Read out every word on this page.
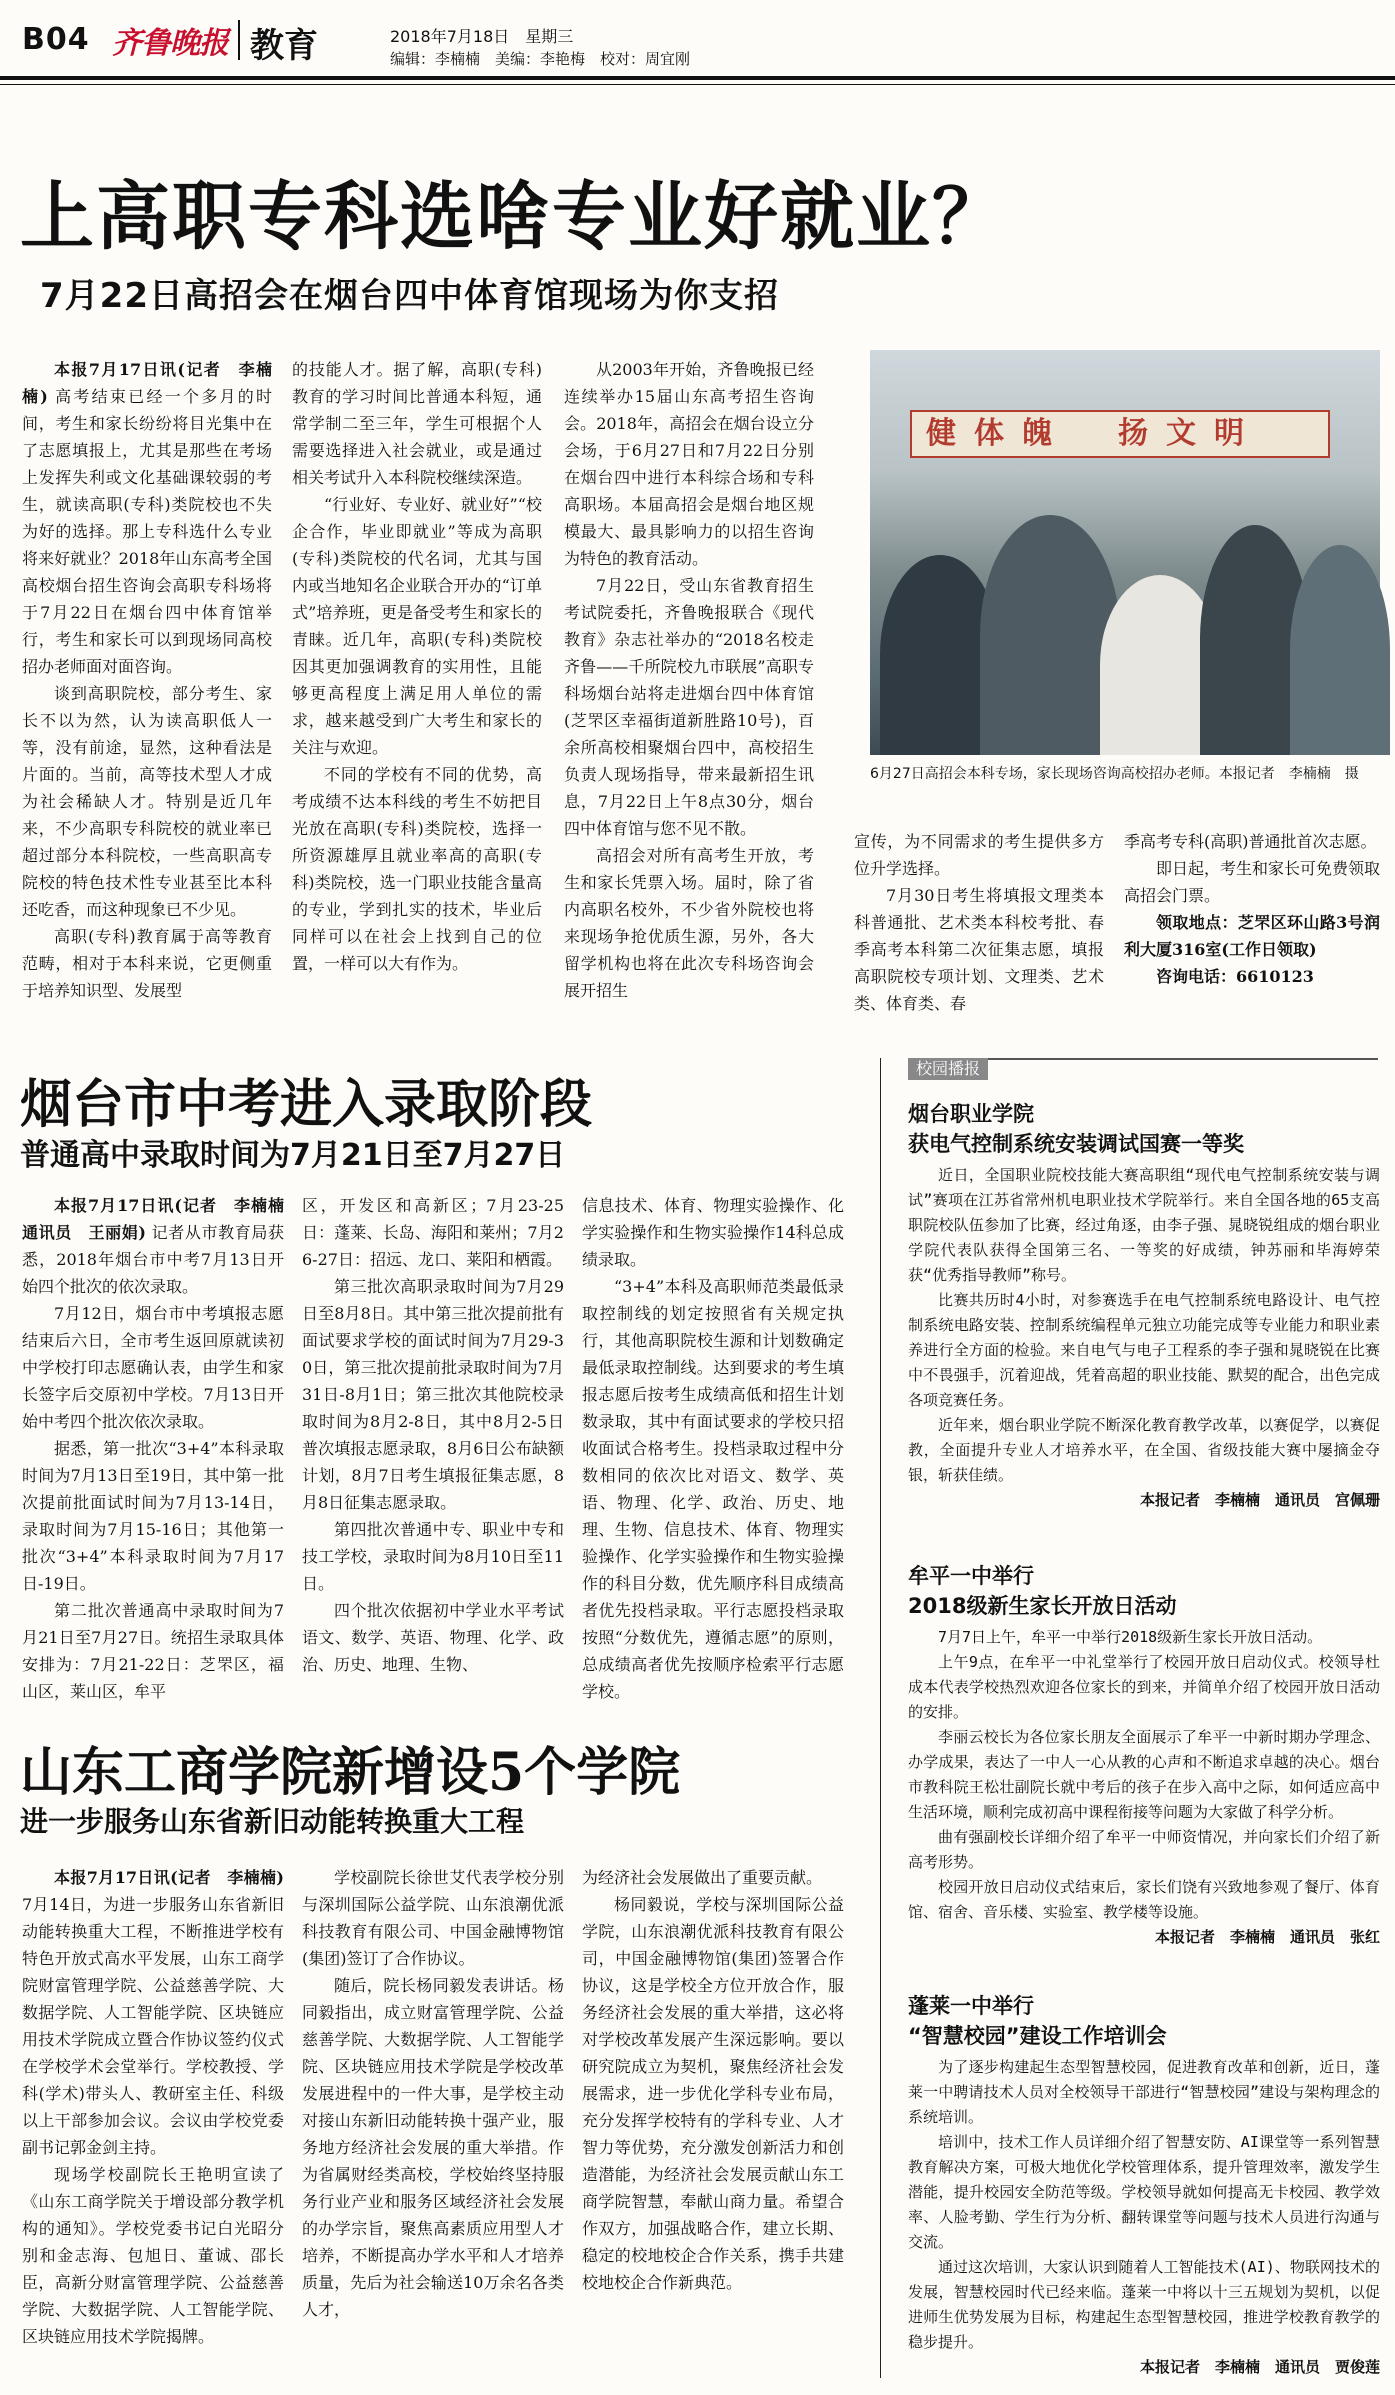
B04 齐鲁晚报 教育	2018年7月18日　星期三
编辑：李楠楠　美编：李艳梅　校对：周宜刚
上高职专科选啥专业好就业？
7月22日高招会在烟台四中体育馆现场为你支招

本报7月17日讯(记者　李楠楠) 高考结束已经一个多月的时间，考生和家长纷纷将目光集中在了志愿填报上，尤其是那些在考场上发挥失利或文化基础课较弱的考生，就读高职(专科)类院校也不失为好的选择。那上专科选什么专业将来好就业？2018年山东高考全国高校烟台招生咨询会高职专科场将于7月22日在烟台四中体育馆举行，考生和家长可以到现场同高校招办老师面对面咨询。

谈到高职院校，部分考生、家长不以为然，认为读高职低人一等，没有前途，显然，这种看法是片面的。当前，高等技术型人才成为社会稀缺人才。特别是近几年来，不少高职专科院校的就业率已超过部分本科院校，一些高职高专院校的特色技术性专业甚至比本科还吃香，而这种现象已不少见。

高职(专科)教育属于高等教育范畴，相对于本科来说，它更侧重于培养知识型、发展型

的技能人才。据了解，高职(专科)教育的学习时间比普通本科短，通常学制二至三年，学生可根据个人需要选择进入社会就业，或是通过相关考试升入本科院校继续深造。

“行业好、专业好、就业好”“校企合作，毕业即就业”等成为高职(专科)类院校的代名词，尤其与国内或当地知名企业联合开办的“订单式”培养班，更是备受考生和家长的青睐。近几年，高职(专科)类院校因其更加强调教育的实用性，且能够更高程度上满足用人单位的需求，越来越受到广大考生和家长的关注与欢迎。

不同的学校有不同的优势，高考成绩不达本科线的考生不妨把目光放在高职(专科)类院校，选择一所资源雄厚且就业率高的高职(专科)类院校，选一门职业技能含量高的专业，学到扎实的技术，毕业后同样可以在社会上找到自己的位置，一样可以大有作为。

从2003年开始，齐鲁晚报已经连续举办15届山东高考招生咨询会。2018年，高招会在烟台设立分会场，于6月27日和7月22日分别在烟台四中进行本科综合场和专科高职场。本届高招会是烟台地区规模最大、最具影响力的以招生咨询为特色的教育活动。

7月22日，受山东省教育招生考试院委托，齐鲁晚报联合《现代教育》杂志社举办的“2018名校走齐鲁——千所院校九市联展”高职专科场烟台站将走进烟台四中体育馆(芝罘区幸福街道新胜路10号)，百余所高校相聚烟台四中，高校招生负责人现场指导，带来最新招生讯息，7月22日上午8点30分，烟台四中体育馆与您不见不散。

高招会对所有高考生开放，考生和家长凭票入场。届时，除了省内高职名校外，不少省外院校也将来现场争抢优质生源，另外，各大留学机构也将在此次专科场咨询会展开招生

健体魄　扬文明
6月27日高招会本科专场，家长现场咨询高校招办老师。本报记者　李楠楠　摄

宣传，为不同需求的考生提供多方位升学选择。

7月30日考生将填报文理类本科普通批、艺术类本科校考批、春季高考本科第二次征集志愿，填报高职院校专项计划、文理类、艺术类、体育类、春

季高考专科(高职)普通批首次志愿。

即日起，考生和家长可免费领取高招会门票。

领取地点：芝罘区环山路3号润利大厦316室(工作日领取)

咨询电话：6610123

烟台市中考进入录取阶段
普通高中录取时间为7月21日至7月27日

本报7月17日讯(记者　李楠楠　通讯员　王丽娟) 记者从市教育局获悉，2018年烟台市中考7月13日开始四个批次的依次录取。

7月12日，烟台市中考填报志愿结束后六日，全市考生返回原就读初中学校打印志愿确认表，由学生和家长签字后交原初中学校。7月13日开始中考四个批次依次录取。

据悉，第一批次“3+4”本科录取时间为7月13日至19日，其中第一批次提前批面试时间为7月13-14日，录取时间为7月15-16日；其他第一批次“3+4”本科录取时间为7月17日-19日。

第二批次普通高中录取时间为7月21日至7月27日。统招生录取具体安排为：7月21-22日：芝罘区，福山区，莱山区，牟平

区，开发区和高新区；7月23-25日：蓬莱、长岛、海阳和莱州；7月26-27日：招远、龙口、莱阳和栖霞。

第三批次高职录取时间为7月29日至8月8日。其中第三批次提前批有面试要求学校的面试时间为7月29-30日，第三批次提前批录取时间为7月31日-8月1日；第三批次其他院校录取时间为8月2-8日，其中8月2-5日普次填报志愿录取，8月6日公布缺额计划，8月7日考生填报征集志愿，8月8日征集志愿录取。

第四批次普通中专、职业中专和技工学校，录取时间为8月10日至11日。

四个批次依据初中学业水平考试语文、数学、英语、物理、化学、政治、历史、地理、生物、

信息技术、体育、物理实验操作、化学实验操作和生物实验操作14科总成绩录取。

“3+4”本科及高职师范类最低录取控制线的划定按照省有关规定执行，其他高职院校生源和计划数确定最低录取控制线。达到要求的考生填报志愿后按考生成绩高低和招生计划数录取，其中有面试要求的学校只招收面试合格考生。投档录取过程中分数相同的依次比对语文、数学、英语、物理、化学、政治、历史、地理、生物、信息技术、体育、物理实验操作、化学实验操作和生物实验操作的科目分数，优先顺序科目成绩高者优先投档录取。平行志愿投档录取按照“分数优先，遵循志愿”的原则，总成绩高者优先按顺序检索平行志愿学校。

山东工商学院新增设5个学院
进一步服务山东省新旧动能转换重大工程

本报7月17日讯(记者　李楠楠) 7月14日，为进一步服务山东省新旧动能转换重大工程，不断推进学校有特色开放式高水平发展，山东工商学院财富管理学院、公益慈善学院、大数据学院、人工智能学院、区块链应用技术学院成立暨合作协议签约仪式在学校学术会堂举行。学校教授、学科(学术)带头人、教研室主任、科级以上干部参加会议。会议由学校党委副书记郭金剑主持。

现场学校副院长王艳明宣读了《山东工商学院关于增设部分教学机构的通知》。学校党委书记白光昭分别和金志海、包旭日、董诚、邵长臣，高新分财富管理学院、公益慈善学院、大数据学院、人工智能学院、区块链应用技术学院揭牌。

学校副院长徐世艾代表学校分别与深圳国际公益学院、山东浪潮优派科技教育有限公司、中国金融博物馆(集团)签订了合作协议。

随后，院长杨同毅发表讲话。杨同毅指出，成立财富管理学院、公益慈善学院、大数据学院、人工智能学院、区块链应用技术学院是学校改革发展进程中的一件大事，是学校主动对接山东新旧动能转换十强产业，服务地方经济社会发展的重大举措。作为省属财经类高校，学校始终坚持服务行业产业和服务区域经济社会发展的办学宗旨，聚焦高素质应用型人才培养，不断提高办学水平和人才培养质量，先后为社会输送10万余名各类人才，

为经济社会发展做出了重要贡献。

杨同毅说，学校与深圳国际公益学院，山东浪潮优派科技教育有限公司，中国金融博物馆(集团)签署合作协议，这是学校全方位开放合作，服务经济社会发展的重大举措，这必将对学校改革发展产生深远影响。要以研究院成立为契机，聚焦经济社会发展需求，进一步优化学科专业布局，充分发挥学校特有的学科专业、人才智力等优势，充分激发创新活力和创造潜能，为经济社会发展贡献山东工商学院智慧，奉献山商力量。希望合作双方，加强战略合作，建立长期、稳定的校地校企合作关系，携手共建校地校企合作新典范。

校园播报
烟台职业学院
获电气控制系统安装调试国赛一等奖

近日，全国职业院校技能大赛高职组“现代电气控制系统安装与调试”赛项在江苏省常州机电职业技术学院举行。来自全国各地的65支高职院校队伍参加了比赛，经过角逐，由李子强、晁晓锐组成的烟台职业学院代表队获得全国第三名、一等奖的好成绩，钟苏丽和毕海婷荣获“优秀指导教师”称号。

比赛共历时4小时，对参赛选手在电气控制系统电路设计、电气控制系统电路安装、控制系统编程单元独立功能完成等专业能力和职业素养进行全方面的检验。来自电气与电子工程系的李子强和晁晓锐在比赛中不畏强手，沉着迎战，凭着高超的职业技能、默契的配合，出色完成各项竞赛任务。

近年来，烟台职业学院不断深化教育教学改革，以赛促学，以赛促教，全面提升专业人才培养水平，在全国、省级技能大赛中屡摘金夺银，斩获佳绩。

本报记者　李楠楠　通讯员　宫佩珊

牟平一中举行
2018级新生家长开放日活动

7月7日上午，牟平一中举行2018级新生家长开放日活动。

上午9点，在牟平一中礼堂举行了校园开放日启动仪式。校领导杜成本代表学校热烈欢迎各位家长的到来，并简单介绍了校园开放日活动的安排。

李丽云校长为各位家长朋友全面展示了牟平一中新时期办学理念、办学成果，表达了一中人一心从教的心声和不断追求卓越的决心。烟台市教科院王松壮副院长就中考后的孩子在步入高中之际，如何适应高中生活环境，顺利完成初高中课程衔接等问题为大家做了科学分析。

曲有强副校长详细介绍了牟平一中师资情况，并向家长们介绍了新高考形势。

校园开放日启动仪式结束后，家长们饶有兴致地参观了餐厅、体育馆、宿舍、音乐楼、实验室、教学楼等设施。

本报记者　李楠楠　通讯员　张红

蓬莱一中举行
“智慧校园”建设工作培训会

为了逐步构建起生态型智慧校园，促进教育改革和创新，近日，蓬莱一中聘请技术人员对全校领导干部进行“智慧校园”建设与架构理念的系统培训。

培训中，技术工作人员详细介绍了智慧安防、AI课堂等一系列智慧教育解决方案，可极大地优化学校管理体系，提升管理效率，激发学生潜能，提升校园安全防范等级。学校领导就如何提高无卡校园、教学效率、人脸考勤、学生行为分析、翻转课堂等问题与技术人员进行沟通与交流。

通过这次培训，大家认识到随着人工智能技术(AI)、物联网技术的发展，智慧校园时代已经来临。蓬莱一中将以十三五规划为契机，以促进师生优势发展为目标，构建起生态型智慧校园，推进学校教育教学的稳步提升。

本报记者　李楠楠　通讯员　贾俊莲
